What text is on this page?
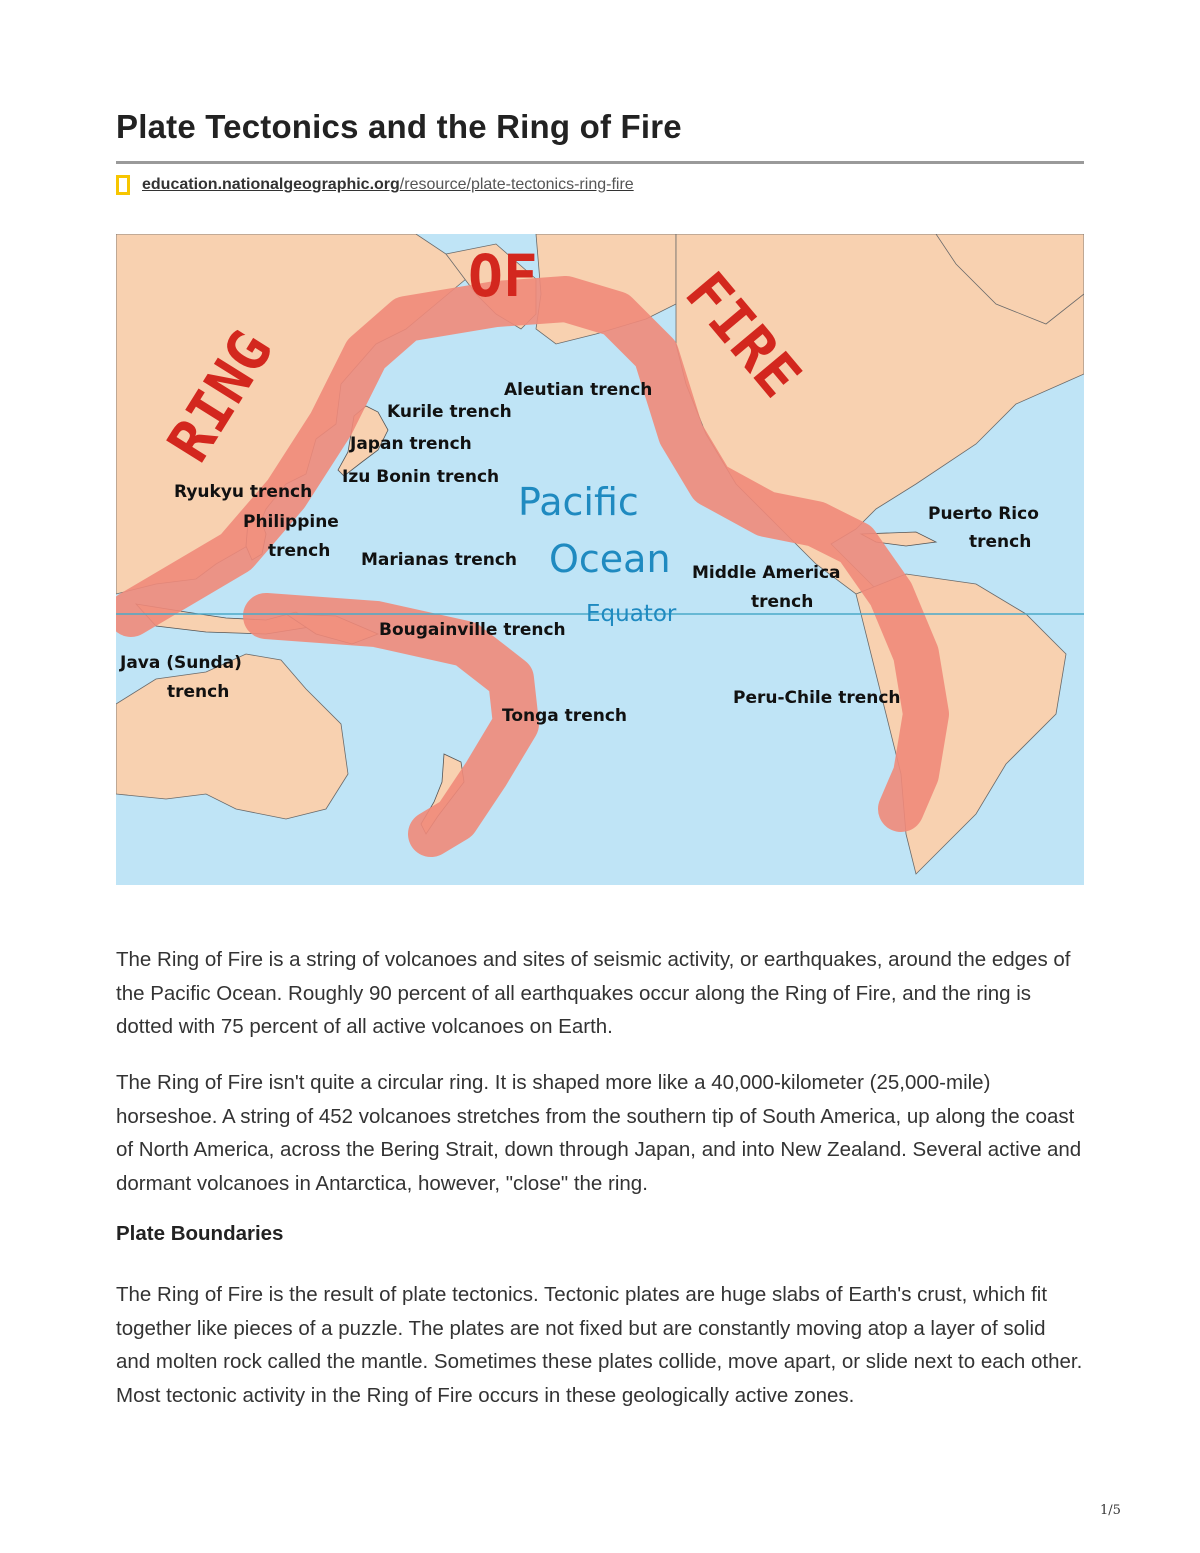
Plate Tectonics and the Ring of Fire
education.nationalgeographic.org/resource/plate-tectonics-ring-fire
RING
OF FIRE
Pacific
Ocean
Equator
Aleutian trench
Kurile trench
Japan trench
Izu Bonin trench
Ryukyu trench
Philippine
trench Marianas trench
Bougainville trench
Java (Sunda)
trench
Tonga trench
Middle America
trench
Puerto Rico
trench
Peru-Chile trench

The Ring of Fire is a string of volcanoes and sites of seismic activity, or earthquakes, around the edges of the Pacific Ocean. Roughly 90 percent of all earthquakes occur along the Ring of Fire, and the ring is dotted with 75 percent of all active volcanoes on Earth.

The Ring of Fire isn't quite a circular ring. It is shaped more like a 40,000-kilometer (25,000-mile) horseshoe. A string of 452 volcanoes stretches from the southern tip of South America, up along the coast of North America, across the Bering Strait, down through Japan, and into New Zealand. Several active and dormant volcanoes in Antarctica, however, "close" the ring.

Plate Boundaries

The Ring of Fire is the result of plate tectonics. Tectonic plates are huge slabs of Earth's crust, which fit together like pieces of a puzzle. The plates are not fixed but are constantly moving atop a layer of solid and molten rock called the mantle. Sometimes these plates collide, move apart, or slide next to each other. Most tectonic activity in the Ring of Fire occurs in these geologically active zones.

1/5
